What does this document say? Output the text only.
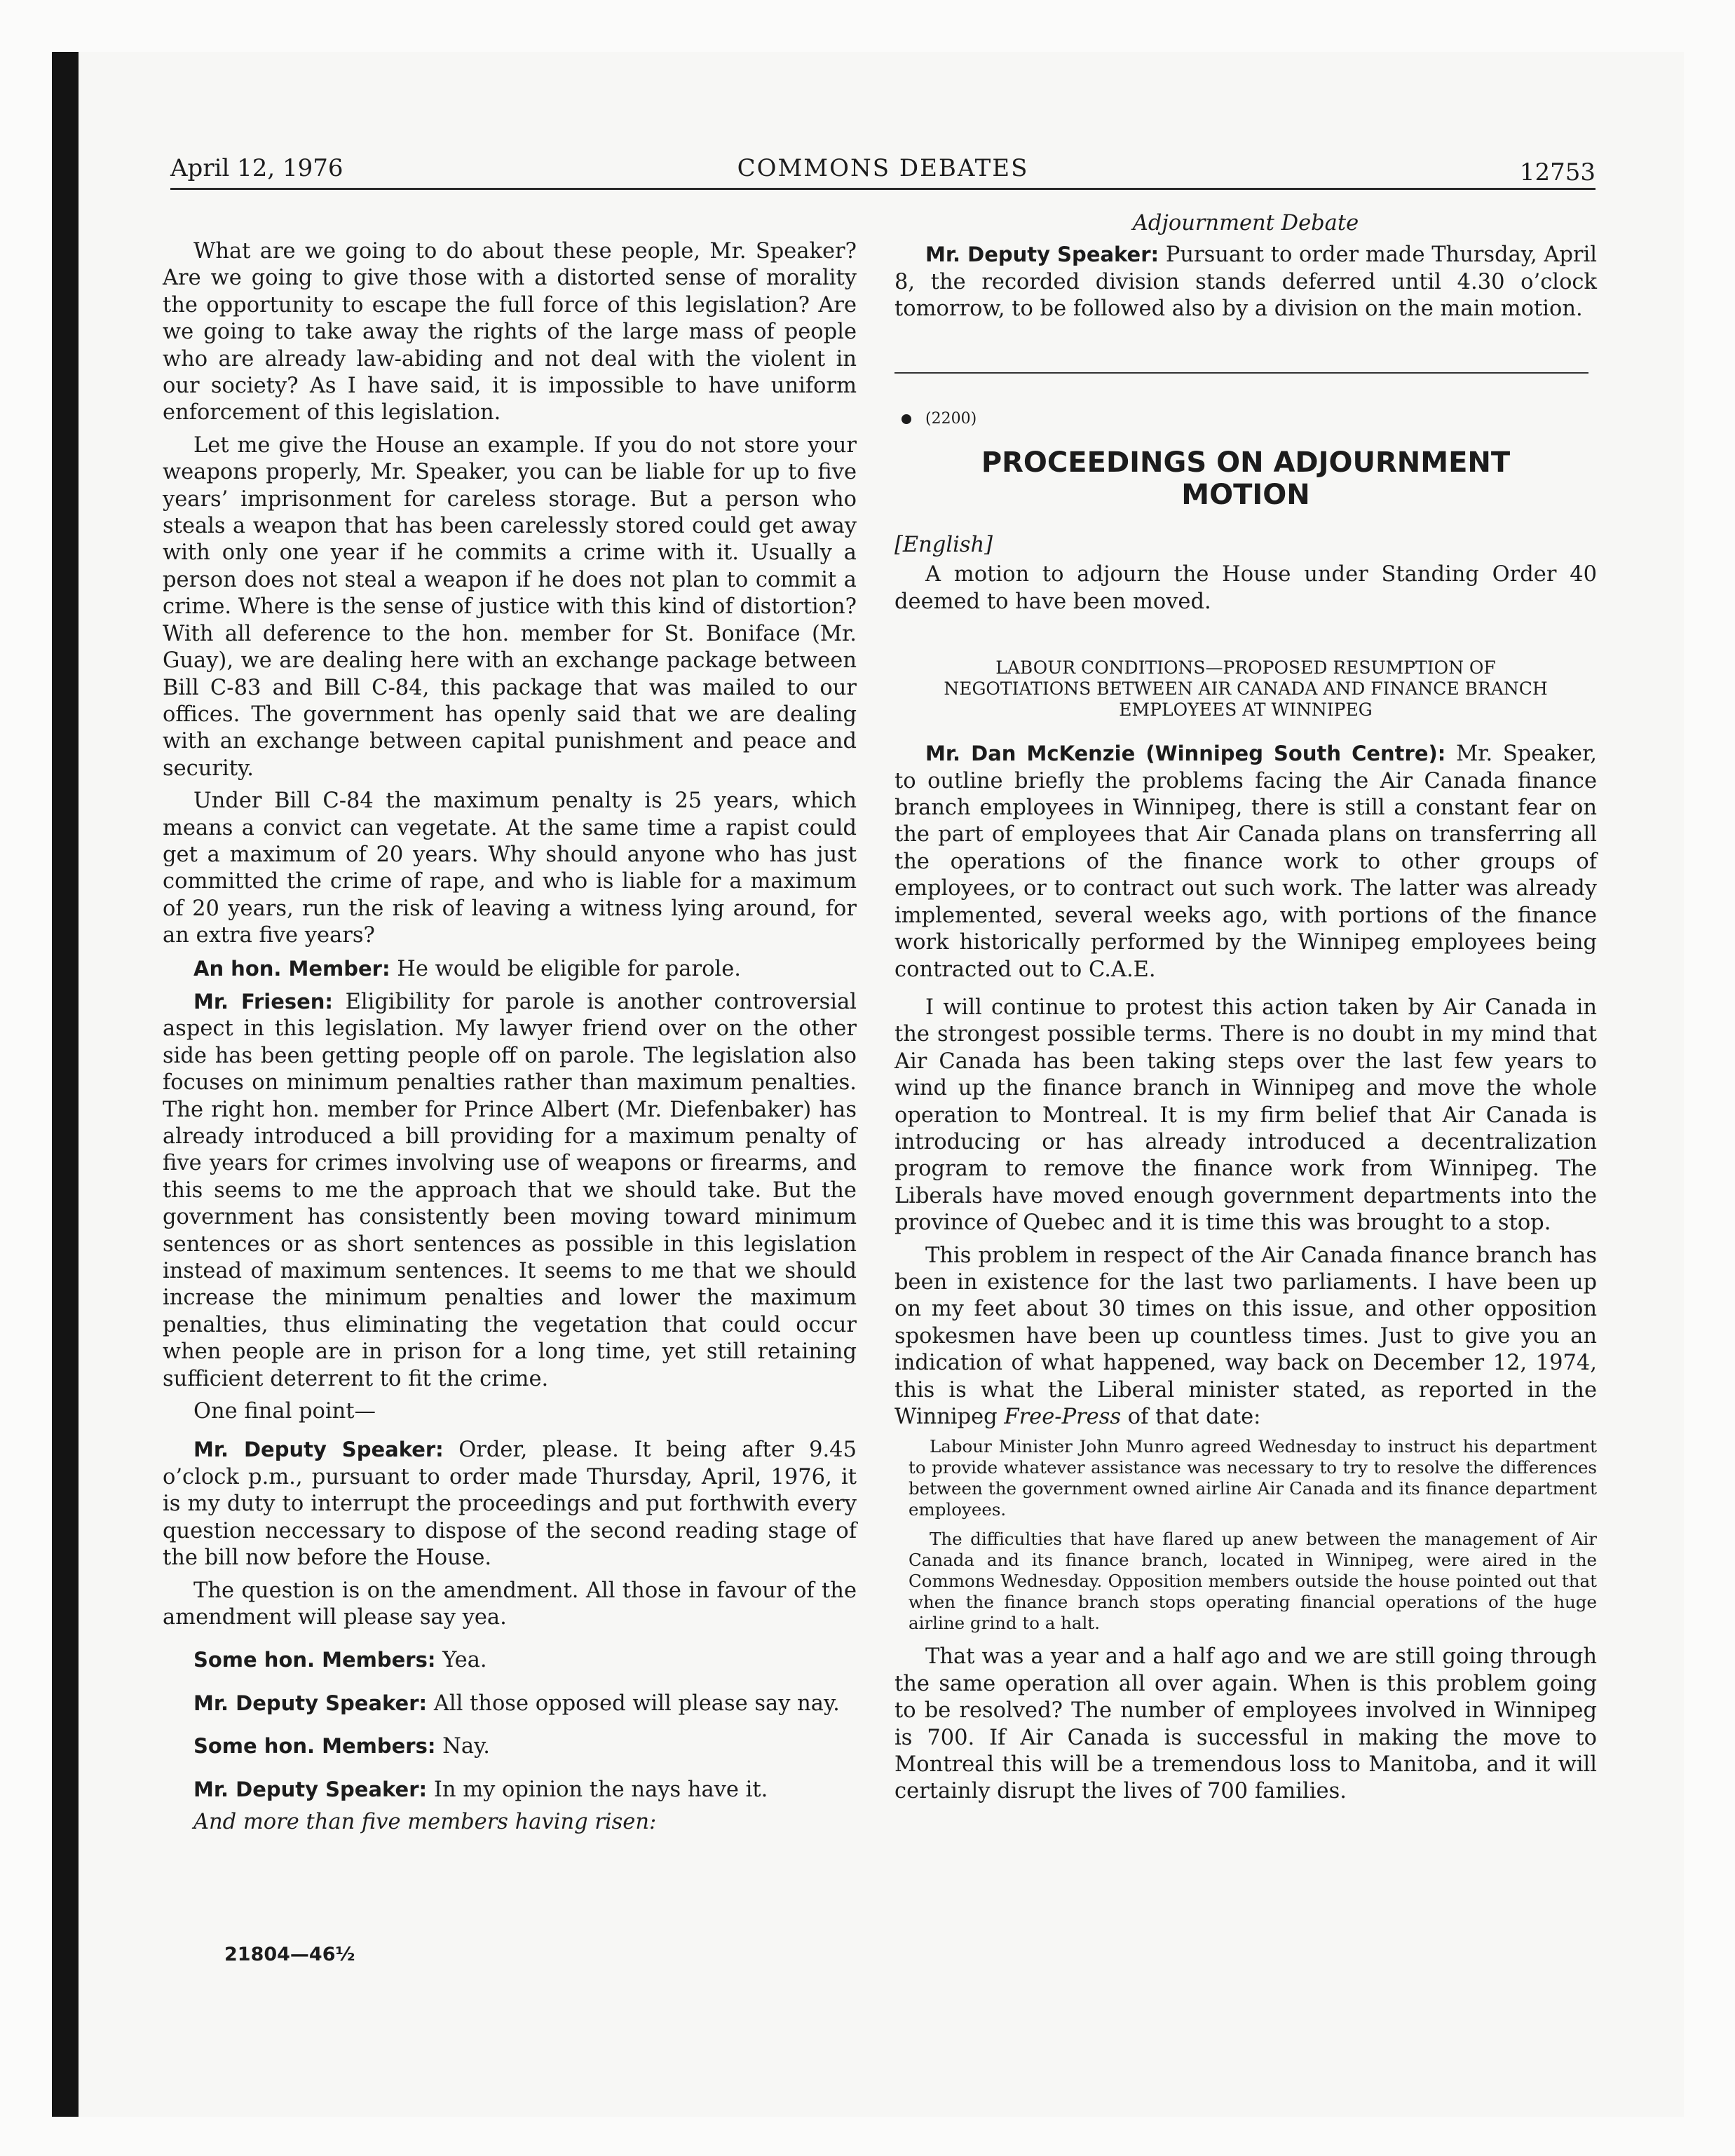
April 12, 1976	COMMONS DEBATES	12753

What are we going to do about these people, Mr. Speaker? Are we going to give those with a distorted sense of morality the opportunity to escape the full force of this legislation? Are we going to take away the rights of the large mass of people who are already law-abiding and not deal with the violent in our society? As I have said, it is impossible to have uniform enforcement of this legislation.

Let me give the House an example. If you do not store your weapons properly, Mr. Speaker, you can be liable for up to five years’ imprisonment for careless storage. But a person who steals a weapon that has been carelessly stored could get away with only one year if he commits a crime with it. Usually a person does not steal a weapon if he does not plan to commit a crime. Where is the sense of justice with this kind of distortion? With all deference to the hon. member for St. Boniface (Mr. Guay), we are dealing here with an exchange package between Bill C-83 and Bill C-84, this package that was mailed to our offices. The government has openly said that we are dealing with an exchange between capital punishment and peace and security.

Under Bill C-84 the maximum penalty is 25 years, which means a convict can vegetate. At the same time a rapist could get a maximum of 20 years. Why should anyone who has just committed the crime of rape, and who is liable for a maximum of 20 years, run the risk of leaving a witness lying around, for an extra five years?

An hon. Member: He would be eligible for parole.

Mr. Friesen: Eligibility for parole is another controversial aspect in this legislation. My lawyer friend over on the other side has been getting people off on parole. The legislation also focuses on minimum penalties rather than maximum penalties. The right hon. member for Prince Albert (Mr. Diefenbaker) has already introduced a bill providing for a maximum penalty of five years for crimes involving use of weapons or firearms, and this seems to me the approach that we should take. But the government has consistently been moving toward minimum sentences or as short sentences as possible in this legislation instead of maximum sentences. It seems to me that we should increase the minimum penalties and lower the maximum penalties, thus eliminating the vegetation that could occur when people are in prison for a long time, yet still retaining sufficient deterrent to fit the crime.

One final point—

Mr. Deputy Speaker: Order, please. It being after 9.45 o’clock p.m., pursuant to order made Thursday, April, 1976, it is my duty to interrupt the proceedings and put forthwith every question neccessary to dispose of the second reading stage of the bill now before the House.

The question is on the amendment. All those in favour of the amendment will please say yea.

Some hon. Members: Yea.

Mr. Deputy Speaker: All those opposed will please say nay.

Some hon. Members: Nay.

Mr. Deputy Speaker: In my opinion the nays have it.

And more than five members having risen:

Adjournment Debate

Mr. Deputy Speaker: Pursuant to order made Thursday, April 8, the recorded division stands deferred until 4.30 o’clock tomorrow, to be followed also by a division on the main motion.

(2200)
PROCEEDINGS ON ADJOURNMENT
MOTION

[English]

A motion to adjourn the House under Standing Order 40 deemed to have been moved.

LABOUR CONDITIONS—PROPOSED RESUMPTION OF
NEGOTIATIONS BETWEEN AIR CANADA AND FINANCE BRANCH
EMPLOYEES AT WINNIPEG

Mr. Dan McKenzie (Winnipeg South Centre): Mr. Speaker, to outline briefly the problems facing the Air Canada finance branch employees in Winnipeg, there is still a constant fear on the part of employees that Air Canada plans on transferring all the operations of the finance work to other groups of employees, or to contract out such work. The latter was already implemented, several weeks ago, with portions of the finance work historically performed by the Winnipeg employees being contracted out to C.A.E.

I will continue to protest this action taken by Air Canada in the strongest possible terms. There is no doubt in my mind that Air Canada has been taking steps over the last few years to wind up the finance branch in Winnipeg and move the whole operation to Montreal. It is my firm belief that Air Canada is introducing or has already introduced a decentralization program to remove the finance work from Winnipeg. The Liberals have moved enough government departments into the province of Quebec and it is time this was brought to a stop.

This problem in respect of the Air Canada finance branch has been in existence for the last two parliaments. I have been up on my feet about 30 times on this issue, and other opposition spokesmen have been up countless times. Just to give you an indication of what happened, way back on December 12, 1974, this is what the Liberal minister stated, as reported in the Winnipeg Free-Press of that date:

Labour Minister John Munro agreed Wednesday to instruct his department to provide whatever assistance was necessary to try to resolve the differences between the government owned airline Air Canada and its finance department employees.

The difficulties that have flared up anew between the management of Air Canada and its finance branch, located in Winnipeg, were aired in the Commons Wednesday. Opposition members outside the house pointed out that when the finance branch stops operating financial operations of the huge airline grind to a halt.

That was a year and a half ago and we are still going through the same operation all over again. When is this problem going to be resolved? The number of employees involved in Winnipeg is 700. If Air Canada is successful in making the move to Montreal this will be a tremendous loss to Manitoba, and it will certainly disrupt the lives of 700 families.

21804—46½
